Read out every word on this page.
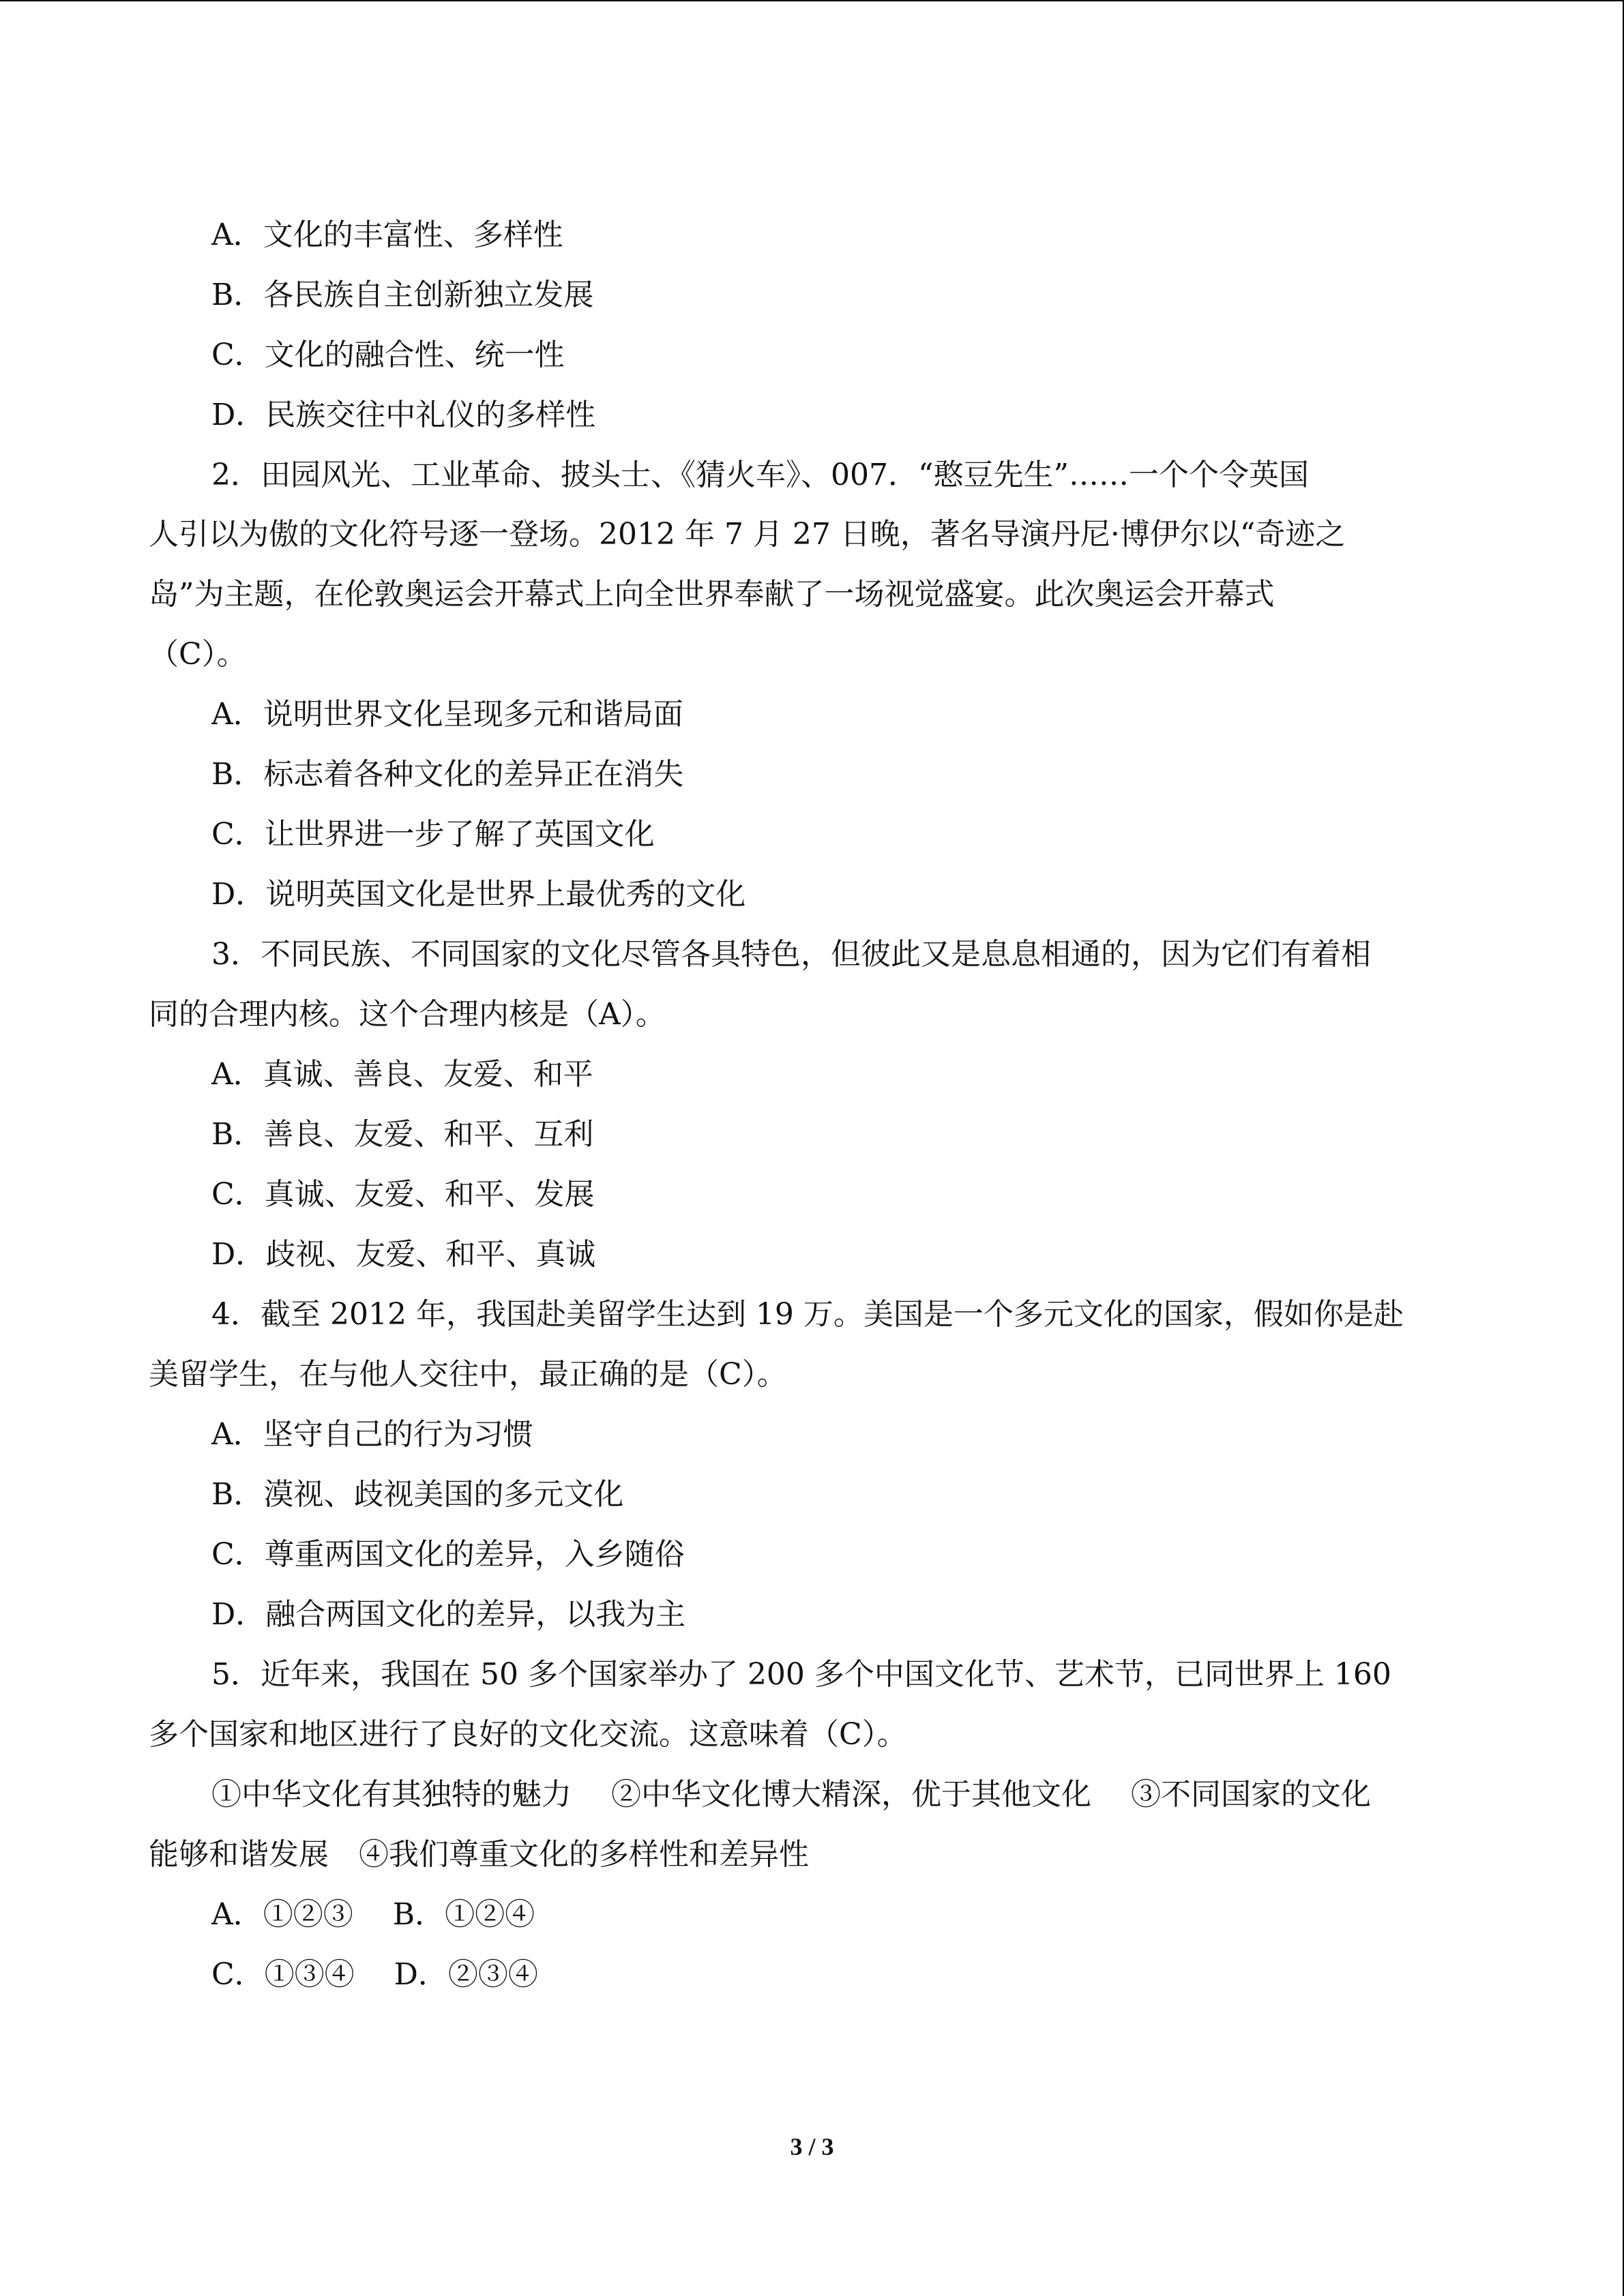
A．文化的丰富性、多样性
B．各民族自主创新独立发展
C．文化的融合性、统一性
D．民族交往中礼仪的多样性
2．田园风光、工业革命、披头士、《猜火车》、007．“憨豆先生”……一个个令英国
人引以为傲的文化符号逐一登场。2012 年 7 月 27 日晚，著名导演丹尼·博伊尔以“奇迹之
岛”为主题，在伦敦奥运会开幕式上向全世界奉献了一场视觉盛宴。此次奥运会开幕式
（C）。
A．说明世界文化呈现多元和谐局面
B．标志着各种文化的差异正在消失
C．让世界进一步了解了英国文化
D．说明英国文化是世界上最优秀的文化
3．不同民族、不同国家的文化尽管各具特色，但彼此又是息息相通的，因为它们有着相
同的合理内核。这个合理内核是（A）。
A．真诚、善良、友爱、和平
B．善良、友爱、和平、互利
C．真诚、友爱、和平、发展
D．歧视、友爱、和平、真诚
4．截至 2012 年，我国赴美留学生达到 19 万。美国是一个多元文化的国家，假如你是赴
美留学生，在与他人交往中，最正确的是（C）。
A．坚守自己的行为习惯
B．漠视、歧视美国的多元文化
C．尊重两国文化的差异，入乡随俗
D．融合两国文化的差异，以我为主
5．近年来，我国在 50 多个国家举办了 200 多个中国文化节、艺术节，已同世界上 160
多个国家和地区进行了良好的文化交流。这意味着（C）。
①中华文化有其独特的魅力　 ②中华文化博大精深，优于其他文化　 ③不同国家的文化
能够和谐发展　④我们尊重文化的多样性和差异性
A．①②③　 B．①②④
C．①③④　 D．②③④
3 / 3
